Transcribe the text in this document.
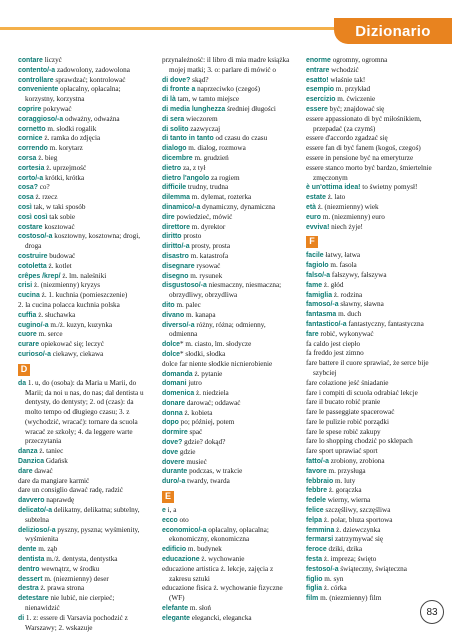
Dizionario

contare liczyć

contento/-a zadowolony, zadowolona

controllare sprawdzać; kontrolować

conveniente opłacalny, opłacalna; korzystny, korzystna

coprire pokrywać

coraggioso/-a odważny, odważna

cornetto m. słodki rogalik

cornice ż. ramka do zdjęcia

correndo m. korytarz

corsa ż. bieg

cortesia ż. uprzejmość

corto/-a krótki, krótka

cosa? co?

cosa ż. rzecz

così tak, w taki sposób

così così tak sobie

costare kosztować

costoso/-a kosztowny, kosztowna; drogi, droga

costruire budować

cotoletta ż. kotlet

crêpes /krep/ ż. lm. naleśniki

crisi ż. (niezmienny) kryzys

cucina ż. 1. kuchnia (pomieszczenie)

2. la cucina polacca kuchnia polska

cuffia ż. słuchawka

cugino/-a m./ż. kuzyn, kuzynka

cuore m. serce

curare opiekować się; leczyć

curioso/-a ciekawy, ciekawa

D

da 1. u, do (osoba): da Maria u Marii, do Marii; da noi u nas, do nas; dal dentista u dentysty, do dentysty; 2. od (czas): da molto tempo od długiego czasu; 3. z (wychodzić, wracać): tornare da scuola wracać ze szkoły; 4. da leggere warte przeczytania

danza ż. taniec

Danzica Gdańsk

dare dawać

dare da mangiare karmić

dare un consiglio dawać radę, radzić

davvero naprawdę

delicato/-a delikatny, delikatna; subtelny, subtelna

delizioso/-a pyszny, pyszna; wyśmienity, wyśmienita

dente m. ząb

dentista m./ż. dentysta, dentystka

dentro wewnątrz, w środku

dessert m. (niezmienny) deser

destra ż. prawa strona

detestare nie lubić, nie cierpieć; nienawidzić

di 1. z: essere di Varsavia pochodzić z Warszawy; 2. wskazuje

przynależność: il libro di mia madre książka mojej matki; 3. o: parlare di mówić o

di dove? skąd?

di fronte a naprzeciwko (czegoś)

di là tam, w tamto miejsce

di media lunghezza średniej długości

di sera wieczorem

di solito zazwyczaj

di tanto in tanto od czasu do czasu

dialogo m. dialog, rozmowa

dicembre m. grudzień

dietro za, z tył

dietro l'angolo za rogiem

difficile trudny, trudna

dilemma m. dylemat, rozterka

dinamico/-a dynamiczny, dynamiczna

dire powiedzieć, mówić

direttore m. dyrektor

diritto prosto

diritto/-a prosty, prosta

disastro m. katastrofa

disegnare rysować

disegno m. rysunek

disgustoso/-a niesmaczny, niesmaczna; obrzydliwy, obrzydliwa

dito m. palec

divano m. kanapa

diverso/-a różny, różna; odmienny, odmienna

dolce* m. ciasto, lm. słodycze

dolce* słodki, słodka

dolce far niente słodkie nicnierobienie

domanda ż. pytanie

domani jutro

domenica ż. niedziela

donare darować; oddawać

donna ż. kobieta

dopo po; później, potem

dormire spać

dove? gdzie? dokąd?

dove gdzie

dovere musieć

durante podczas, w trakcie

duro/-a twardy, twarda

E

e i, a

ecco oto

economico/-a opłacalny, opłacalna; ekonomiczny, ekonomiczna

edificio m. budynek

educazione ż. wychowanie

educazione artistica ż. lekcje, zajęcia z zakresu sztuki

educazione fisica ż. wychowanie fizyczne (WF)

elefante m. słoń

elegante elegancki, elegancka

enorme ogromny, ogromna

entrare wchodzić

esatto! właśnie tak!

esempio m. przykład

esercizio m. ćwiczenie

essere być; znajdować się

essere appassionato di być miłośnikiem, przepadać (za czymś)

essere d'accordo zgadzać się

essere fan di być fanem (kogoś, czegoś)

essere in pensione być na emeryturze

essere stanco morto być bardzo, śmiertelnie zmęczonym

è un'ottima idea! to świetny pomysł!

estate ż. lato

età ż. (niezmienny) wiek

euro m. (niezmienny) euro

evviva! niech żyje!

F

facile łatwy, łatwa

fagiolo m. fasola

falso/-a fałszywy, fałszywa

fame ż. głód

famiglia ż. rodzina

famoso/-a sławny, sławna

fantasma m. duch

fantastico/-a fantastyczny, fantastyczna

fare robić, wykonywać

fa caldo jest ciepło

fa freddo jest zimno

fare battere il cuore sprawiać, że serce bije szybciej

fare colazione jeść śniadanie

fare i compiti di scuola odrabiać lekcje

fare il bucato robić pranie

fare le passeggiate spacerować

fare le pulizie robić porządki

fare le spese robić zakupy

fare lo shopping chodzić po sklepach

fare sport uprawiać sport

fatto/-a zrobiony, zrobiona

favore m. przysługa

febbraio m. luty

febbre ż. gorączka

fedele wierny, wierna

felice szczęśliwy, szczęśliwa

felpa ż. polar, bluza sportowa

femmina ż. dziewczynka

fermarsi zatrzymywać się

feroce dziki, dzika

festa ż. impreza; święto

festoso/-a świąteczny, świąteczna

figlio m. syn

figlia ż. córka

film m. (niezmienny) film

83
